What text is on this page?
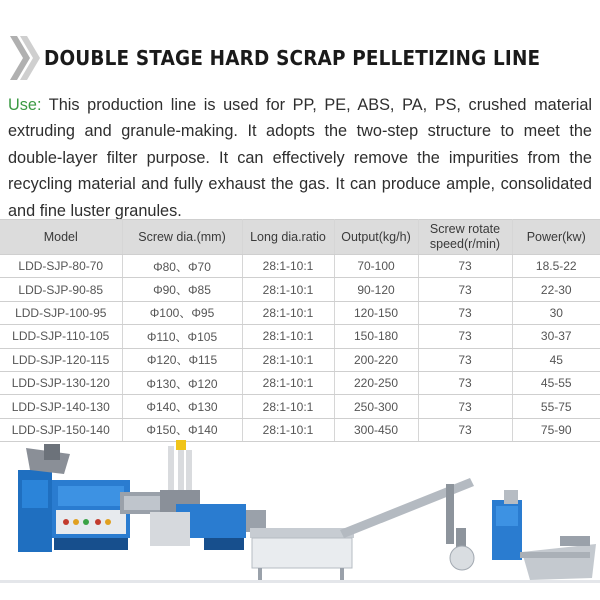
DOUBLE STAGE HARD SCRAP PELLETIZING LINE

Use: This production line is used for PP, PE, ABS, PA, PS, crushed material extruding and granule-making. It adopts the two-step structure to meet the double-layer filter purpose. It can effectively remove the impurities from the recycling material and fully exhaust the gas. It can produce ample, consolidated and fine luster granules.

Model	Screw dia.(mm)	Long dia.ratio	Output(kg/h)	Screw rotate speed(r/min)	Power(kw)
LDD-SJP-80-70	Φ80、Φ70	28:1-10:1	70-100	73	18.5-22
LDD-SJP-90-85	Φ90、Φ85	28:1-10:1	90-120	73	22-30
LDD-SJP-100-95	Φ100、Φ95	28:1-10:1	120-150	73	30
LDD-SJP-110-105	Φ110、Φ105	28:1-10:1	150-180	73	30-37
LDD-SJP-120-115	Φ120、Φ115	28:1-10:1	200-220	73	45
LDD-SJP-130-120	Φ130、Φ120	28:1-10:1	220-250	73	45-55
LDD-SJP-140-130	Φ140、Φ130	28:1-10:1	250-300	73	55-75
LDD-SJP-150-140	Φ150、Φ140	28:1-10:1	300-450	73	75-90
